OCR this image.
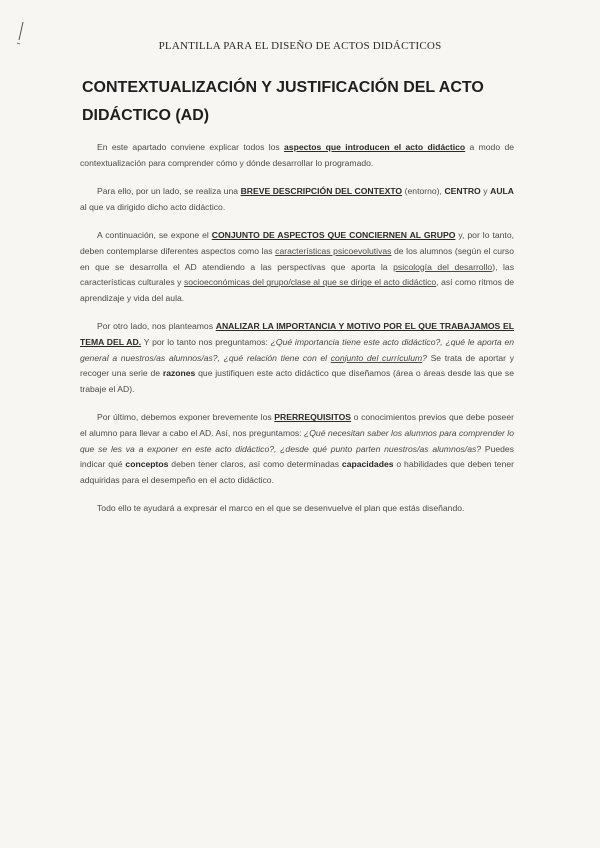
PLANTILLA PARA EL DISEÑO DE ACTOS DIDÁCTICOS
CONTEXTUALIZACIÓN Y JUSTIFICACIÓN DEL ACTO DIDÁCTICO (AD)

En este apartado conviene explicar todos los aspectos que introducen el acto didáctico a modo de contextualización para comprender cómo y dónde desarrollar lo programado.

Para ello, por un lado, se realiza una BREVE DESCRIPCIÓN DEL CONTEXTO (entorno), CENTRO y AULA al que va dirigido dicho acto didáctico.

A continuación, se expone el CONJUNTO DE ASPECTOS QUE CONCIERNEN AL GRUPO y, por lo tanto, deben contemplarse diferentes aspectos como las características psicoevolutivas de los alumnos (según el curso en que se desarrolla el AD atendiendo a las perspectivas que aporta la psicología del desarrollo), las características culturales y socioeconómicas del grupo/clase al que se dirige el acto didáctico, así como ritmos de aprendizaje y vida del aula.

Por otro lado, nos planteamos ANALIZAR LA IMPORTANCIA Y MOTIVO POR EL QUE TRABAJAMOS EL TEMA DEL AD. Y por lo tanto nos preguntamos: ¿Qué importancia tiene este acto didáctico?, ¿qué le aporta en general a nuestros/as alumnos/as?, ¿qué relación tiene con el conjunto del currículum? Se trata de aportar y recoger una serie de razones que justifiquen este acto didáctico que diseñamos (área o áreas desde las que se trabaje el AD).

Por último, debemos exponer brevemente los PRERREQUISITOS o conocimientos previos que debe poseer el alumno para llevar a cabo el AD. Así, nos preguntamos: ¿Qué necesitan saber los alumnos para comprender lo que se les va a exponer en este acto didáctico?, ¿desde qué punto parten nuestros/as alumnos/as? Puedes indicar qué conceptos deben tener claros, así como determinadas capacidades o habilidades que deben tener adquiridas para el desempeño en el acto didáctico.

Todo ello te ayudará a expresar el marco en el que se desenvuelve el plan que estás diseñando.
